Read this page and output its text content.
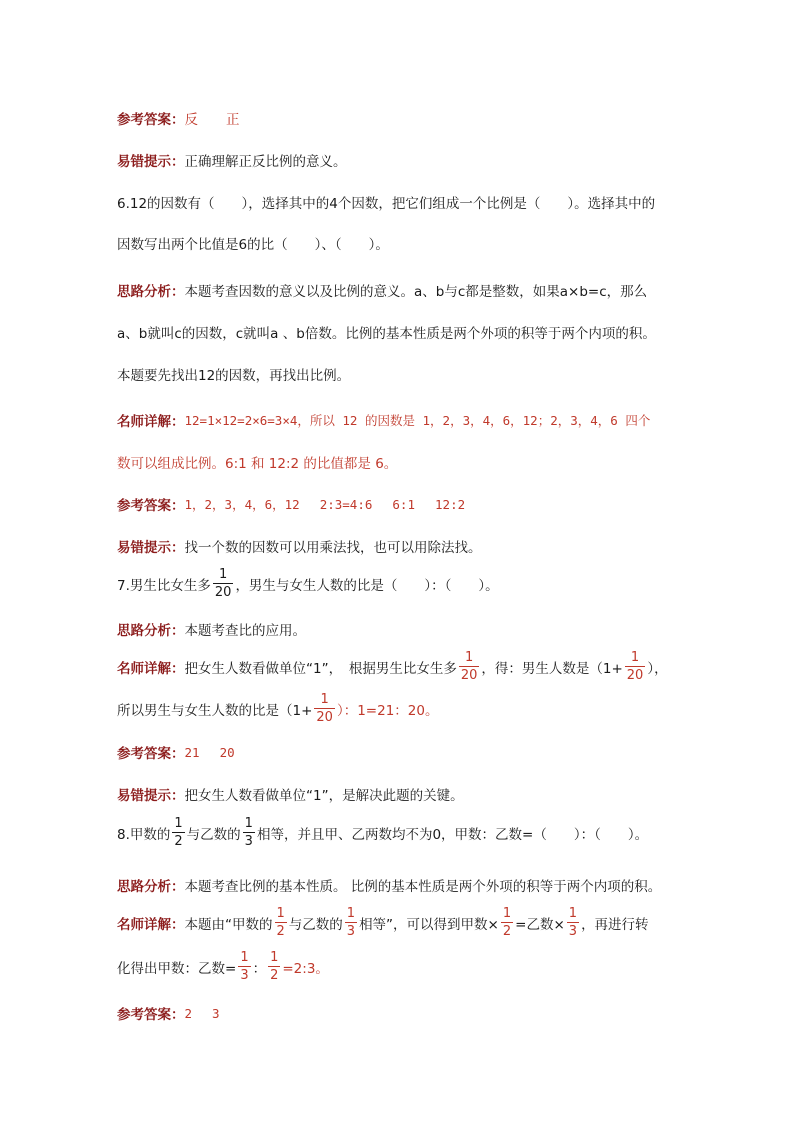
参考答案： 反 正
易错提示： 正确理解正反比例的意义。
6.12的因数有（　　），选择其中的4个因数，把它们组成一个比例是（　　）。选择其中的
因数写出两个比值是6的比（　　）、（　　）。
思路分析： 本题考查因数的意义以及比例的意义。a、b与c都是整数，如果a×b=c，那么
a、b就叫c的因数，c就叫a 、b倍数。比例的基本性质是两个外项的积等于两个内项的积。
本题要先找出12的因数，再找出比例。
名师详解： 12=1×12=2×6=3×4，所以 12 的因数是 1，2，3，4，6，12；2，3，4，6 四个
数可以组成比例。6:1 和 12:2 的比值都是 6。
参考答案： 1，2，3，4，6，12　 2:3=4:6　 6:1　 12:2
易错提示： 找一个数的因数可以用乘法找，也可以用除法找。
7.男生比女生多 $\frac{1}{20}$ ，男生与女生人数的比是（　　）：（　　）。
思路分析： 本题考查比的应用。
名师详解： 把女生人数看做单位“1”，　根据男生比女生多 $\frac{1}{20}$ ，得：男生人数是（$1+ \frac{1}{20}$ ），
所以男生与女生人数的比是（$1+ \frac{1}{20}$ ）：1=21：20。
参考答案： 21　 20
易错提示： 把女生人数看做单位“1”，是解决此题的关键。
8.甲数的 $\frac{1}{2}$ 与乙数的 $\frac{1}{3}$ 相等，并且甲、乙两数均不为0，甲数：乙数=（　　）：（　　）。
思路分析： 本题考查比例的基本性质。 比例的基本性质是两个外项的积等于两个内项的积。
名师详解： 本题由“甲数的 $\frac{1}{2}$ 与乙数的 $\frac{1}{3}$ 相等”，可以得到甲数× $\frac{1}{2}$ =乙数× $\frac{1}{3}$ ，再进行转
化得出甲数：乙数= $\frac{1}{3}$ ： $\frac{1}{2}$ =2:3。
参考答案： 2　 3
